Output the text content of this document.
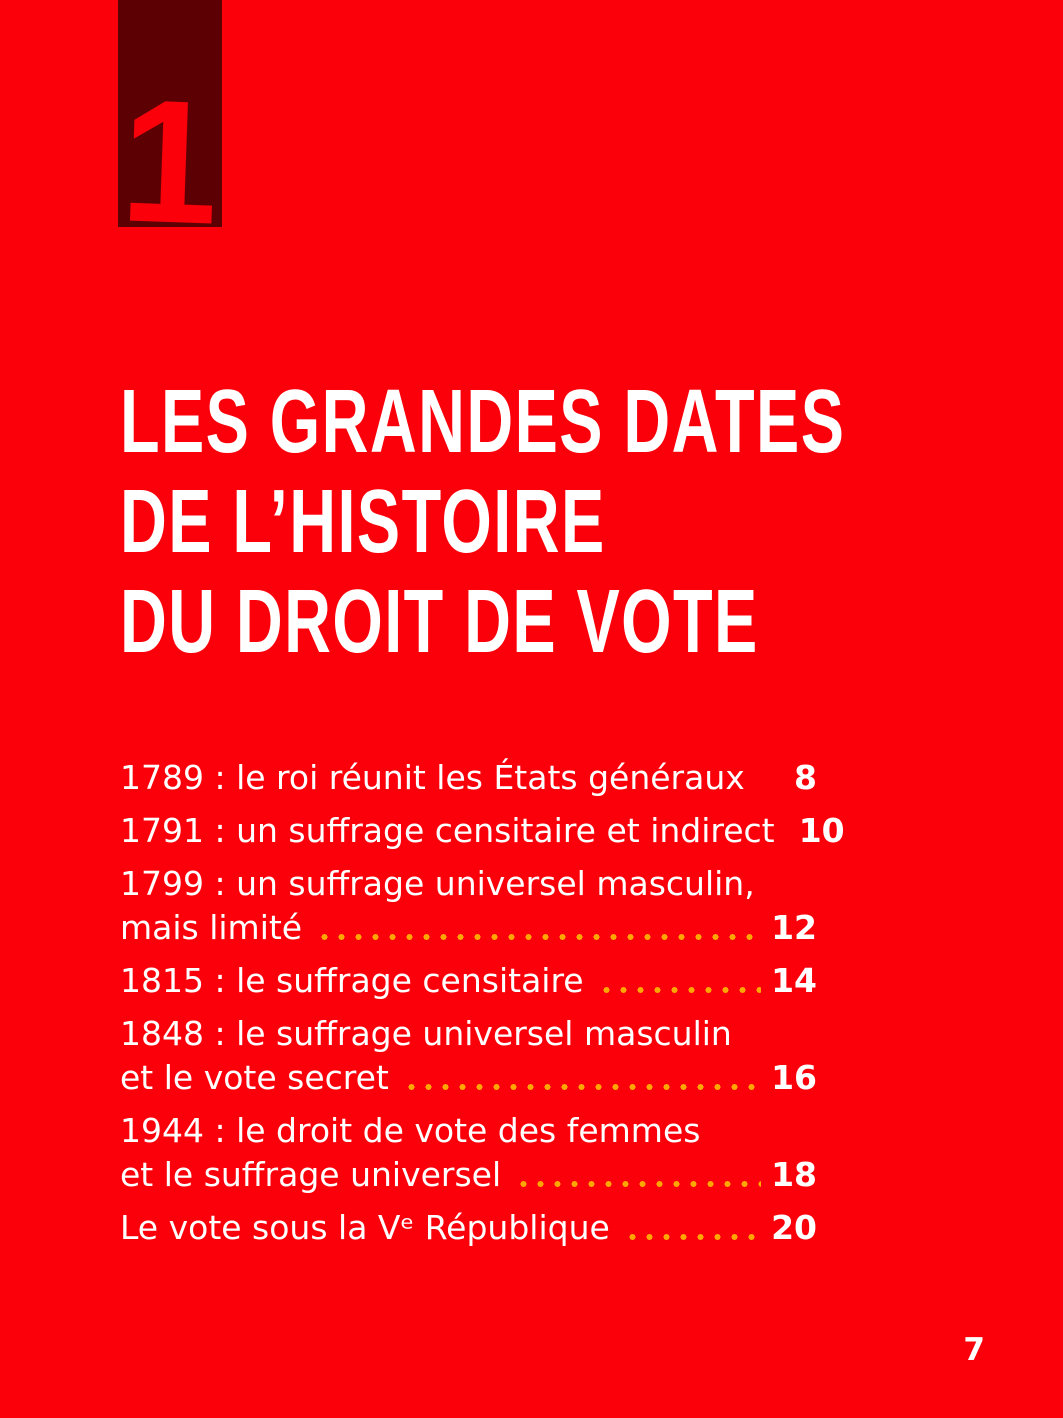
1
LES GRANDES DATES
DE L’HISTOIRE
DU DROIT DE VOTE
1789 : le roi réunit les États généraux	8
1791 : un suffrage censitaire et indirect 10
1799 : un suffrage universel masculin,
mais limité	12
1815 : le suffrage censitaire	14
1848 : le suffrage universel masculin
et le vote secret	16
1944 : le droit de vote des femmes
et le suffrage universel	18
Le vote sous la Vᵉ République	20
7
